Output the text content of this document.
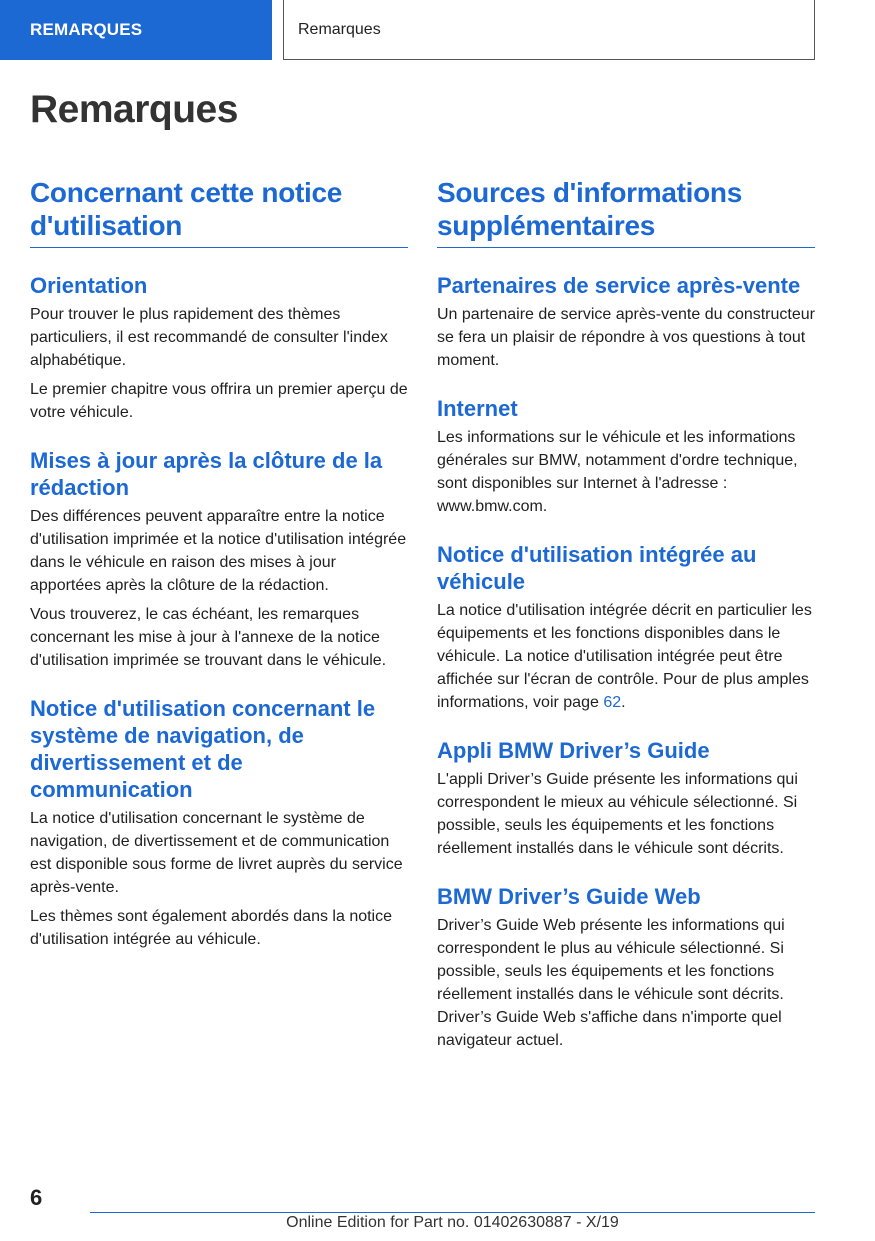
REMARQUES	Remarques
Remarques
Concernant cette notice d'utilisation
Orientation

Pour trouver le plus rapidement des thèmes particuliers, il est recommandé de consulter l'index alphabétique.

Le premier chapitre vous offrira un premier aperçu de votre véhicule.

Mises à jour après la clôture de la rédaction

Des différences peuvent apparaître entre la notice d'utilisation imprimée et la notice d'utilisation intégrée dans le véhicule en raison des mises à jour apportées après la clôture de la rédaction.

Vous trouverez, le cas échéant, les remarques concernant les mise à jour à l'annexe de la notice d'utilisation imprimée se trouvant dans le véhicule.

Notice d'utilisation concernant le système de navigation, de divertissement et de communication

La notice d'utilisation concernant le système de navigation, de divertissement et de communication est disponible sous forme de livret auprès du service après-vente.

Les thèmes sont également abordés dans la notice d'utilisation intégrée au véhicule.

Sources d'informations supplémentaires
Partenaires de service après-vente

Un partenaire de service après-vente du constructeur se fera un plaisir de répondre à vos questions à tout moment.

Internet

Les informations sur le véhicule et les informations générales sur BMW, notamment d'ordre technique, sont disponibles sur Internet à l'adresse : www.bmw.com.

Notice d'utilisation intégrée au véhicule

La notice d'utilisation intégrée décrit en particulier les équipements et les fonctions disponibles dans le véhicule. La notice d'utilisation intégrée peut être affichée sur l'écran de contrôle. Pour de plus amples informations, voir page 62.

Appli BMW Driver’s Guide

L'appli Driver’s Guide présente les informations qui correspondent le mieux au véhicule sélectionné. Si possible, seuls les équipements et les fonctions réellement installés dans le véhicule sont décrits.

BMW Driver’s Guide Web

Driver’s Guide Web présente les informations qui correspondent le plus au véhicule sélectionné. Si possible, seuls les équipements et les fonctions réellement installés dans le véhicule sont décrits. Driver’s Guide Web s'affiche dans n'importe quel navigateur actuel.

6
Online Edition for Part no. 01402630887 - X/19
